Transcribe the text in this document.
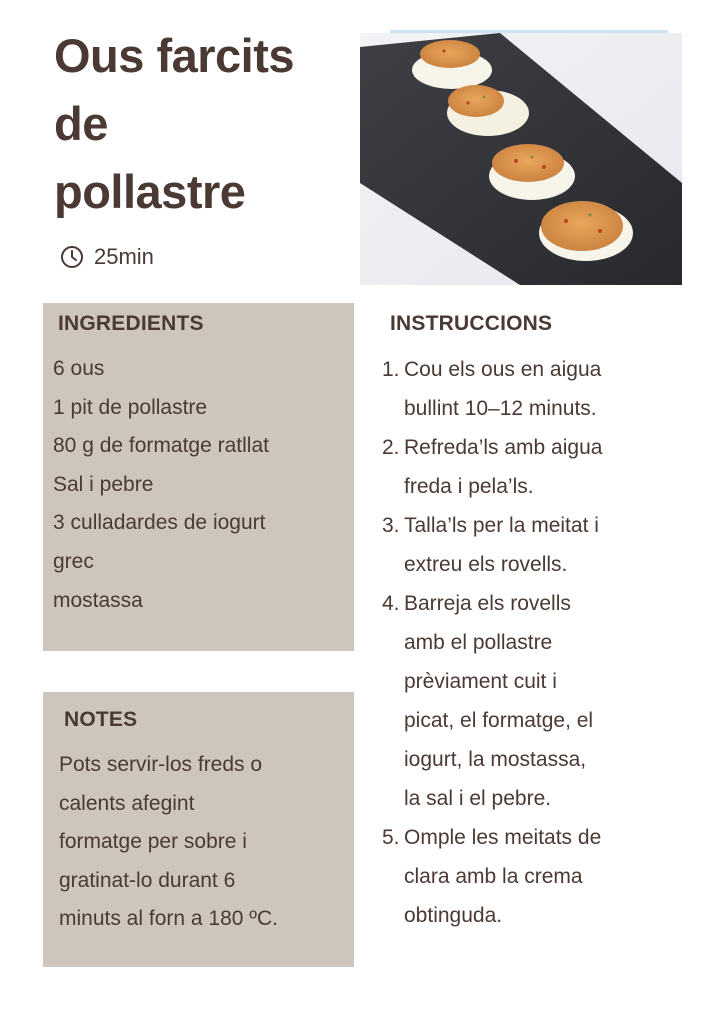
Ous farcits
de
pollastre
25min
INGREDIENTS
6 ous
1 pit de pollastre
80 g de formatge ratllat
Sal i pebre
3 culladardes de iogurt
grec
mostassa
NOTES
Pots servir-los freds o
calents afegint
formatge per sobre i
gratinat-lo durant 6
minuts al forn a 180 ºC.
INSTRUCCIONS
1. Cou els ous en aigua
bullint 10–12 minuts.
2. Refreda’ls amb aigua
freda i pela’ls.
3. Talla’ls per la meitat i
extreu els rovells.
4. Barreja els rovells
amb el pollastre
prèviament cuit i
picat, el formatge, el
iogurt, la mostassa,
la sal i el pebre.
5. Omple les meitats de
clara amb la crema
obtinguda.
